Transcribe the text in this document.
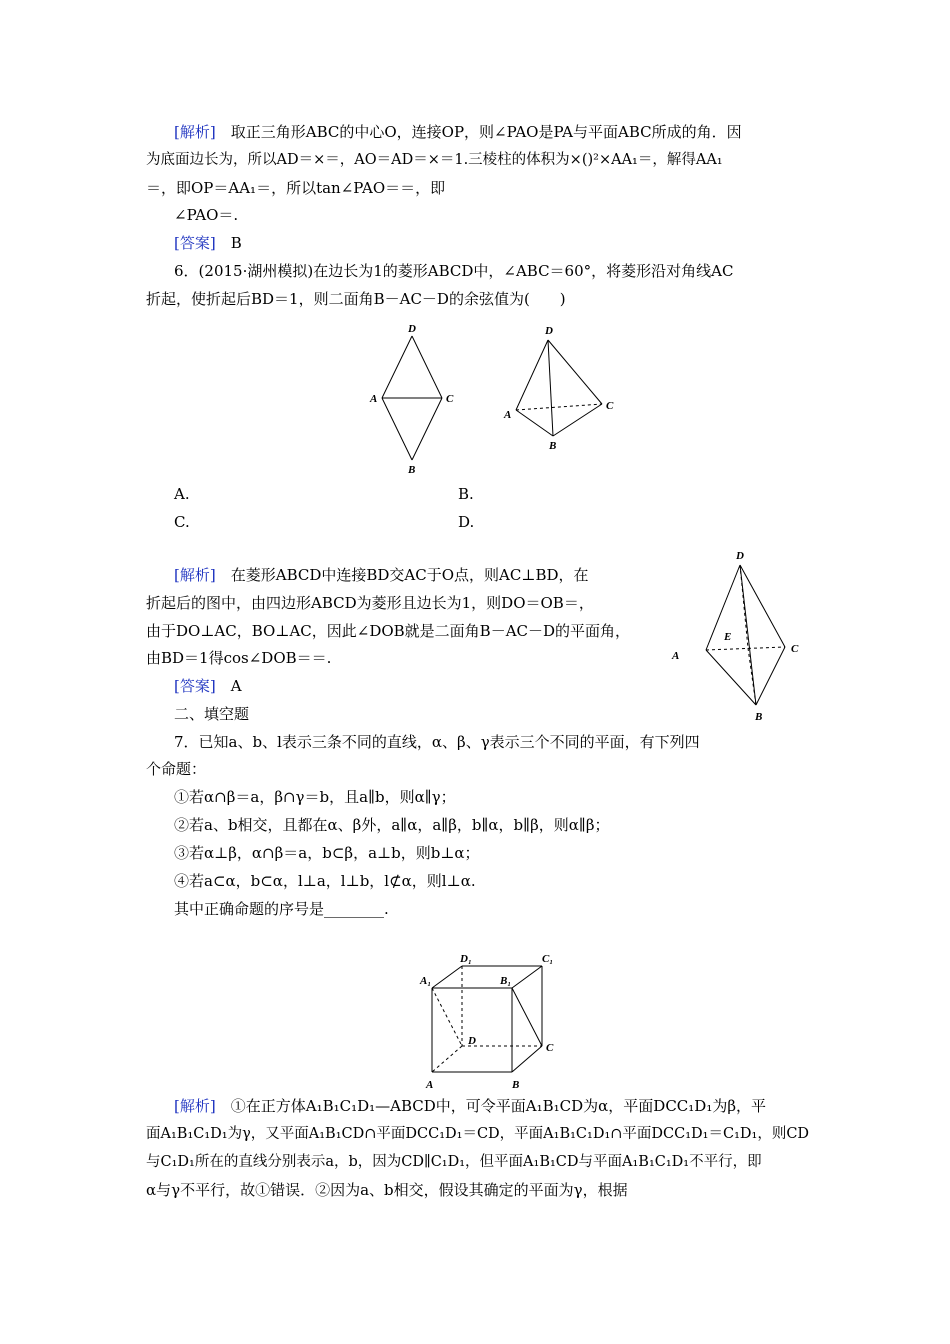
[解析]　 取正三角形ABC的中心O，连接OP，则∠PAO是PA与平面ABC所成的角．因
为底面边长为，所以AD＝×＝，AO＝AD＝×＝1.三棱柱的体积为×()²×AA₁＝，解得AA₁
＝，即OP＝AA₁＝，所以tan∠PAO＝＝，即
∠PAO＝.
[答案]　 B
6．(2015·湖州模拟)在边长为1的菱形ABCD中，∠ABC＝60°，将菱形沿对角线AC
折起，使折起后BD＝1，则二面角B－AC－D的余弦值为(　　)
D
A	C
B
D
A
C
B
A.	B.
C.	D.
[解析]　 在菱形ABCD中连接BD交AC于O点，则AC⊥BD，在
折起后的图中，由四边形ABCD为菱形且边长为1，则DO＝OB＝，
由于DO⊥AC，BO⊥AC，因此∠DOB就是二面角B－AC－D的平面角，
由BD＝1得cos∠DOB＝＝.
[答案]　 A
D
E
A
C
B
二、填空题
7．已知a、b、l表示三条不同的直线，α、β、γ表示三个不同的平面，有下列四
个命题：
①若α∩β＝a，β∩γ＝b，且a∥b，则α∥γ；
②若a、b相交，且都在α、β外，a∥α，a∥β，b∥α，b∥β，则α∥β；
③若α⊥β，α∩β＝a，b⊂β，a⊥b，则b⊥α；
④若a⊂α，b⊂α，l⊥a，l⊥b，l⊄α，则l⊥α.
其中正确命题的序号是________.
D₁	C₁
A₁	B₁
D
C
A	B
[解析]　 ①在正方体A₁B₁C₁D₁—ABCD中，可令平面A₁B₁CD为α，平面DCC₁D₁为β，平
面A₁B₁C₁D₁为γ，又平面A₁B₁CD∩平面DCC₁D₁＝CD，平面A₁B₁C₁D₁∩平面DCC₁D₁＝C₁D₁，则CD
与C₁D₁所在的直线分别表示a，b，因为CD∥C₁D₁，但平面A₁B₁CD与平面A₁B₁C₁D₁不平行，即
α与γ不平行，故①错误．②因为a、b相交，假设其确定的平面为γ，根据
